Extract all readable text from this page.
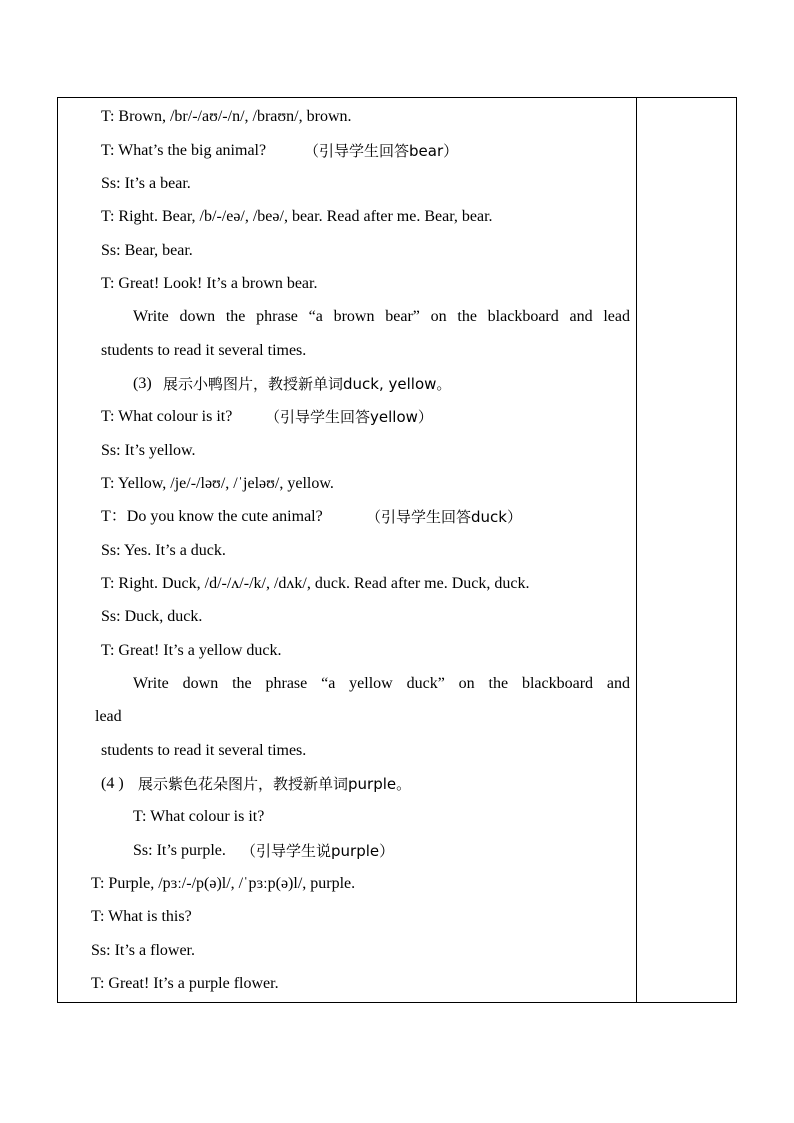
T: Brown, /br/-/aʊ/-/n/, /braʊn/, brown.
T: What’s the big animal?	（引导学生回答bear）
Ss: It’s a bear.
T: Right. Bear, /b/-/eə/, /beə/, bear. Read after me. Bear, bear.
Ss: Bear, bear.
T: Great! Look! It’s a brown bear.
Write down the phrase “a brown bear” on the blackboard and lead
students to read it several times.
(3) 展示小鸭图片，教授新单词duck, yellow。
T: What colour is it? （引导学生回答yellow）
Ss: It’s yellow.
T: Yellow, /je/-/ləʊ/, /ˈjeləʊ/, yellow.
T：Do you know the cute animal?	（引导学生回答duck）
Ss: Yes. It’s a duck.
T: Right. Duck, /d/-/ʌ/-/k/, /dʌk/, duck. Read after me. Duck, duck.
Ss: Duck, duck.
T: Great! It’s a yellow duck.
Write down the phrase “a yellow duck” on the blackboard and
lead
students to read it several times.
(4 ) 展示紫色花朵图片，教授新单词purple。
T: What colour is it?
Ss: It’s purple. （引导学生说purple）
T: Purple, /pɜː/-/p(ə)l/, /ˈpɜːp(ə)l/, purple.
T: What is this?
Ss: It’s a flower.
T: Great! It’s a purple flower.
